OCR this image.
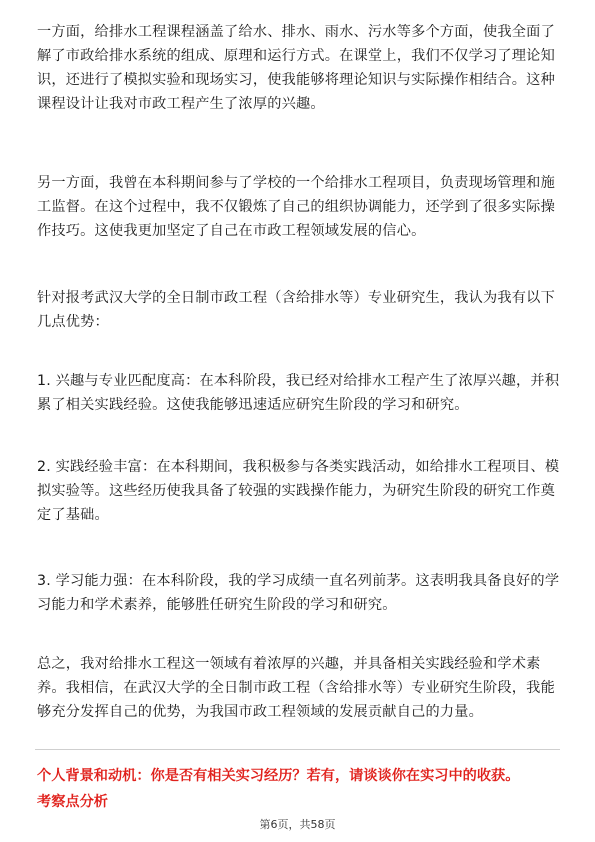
一方面，给排水工程课程涵盖了给水、排水、雨水、污水等多个方面，使我全面了
解了市政给排水系统的组成、原理和运行方式。在课堂上，我们不仅学习了理论知
识，还进行了模拟实验和现场实习，使我能够将理论知识与实际操作相结合。这种
课程设计让我对市政工程产生了浓厚的兴趣。
另一方面，我曾在本科期间参与了学校的一个给排水工程项目，负责现场管理和施
工监督。在这个过程中，我不仅锻炼了自己的组织协调能力，还学到了很多实际操
作技巧。这使我更加坚定了自己在市政工程领域发展的信心。
针对报考武汉大学的全日制市政工程（含给排水等）专业研究生，我认为我有以下
几点优势：
1. 兴趣与专业匹配度高：在本科阶段，我已经对给排水工程产生了浓厚兴趣，并积
累了相关实践经验。这使我能够迅速适应研究生阶段的学习和研究。
2. 实践经验丰富：在本科期间，我积极参与各类实践活动，如给排水工程项目、模
拟实验等。这些经历使我具备了较强的实践操作能力，为研究生阶段的研究工作奠
定了基础。
3. 学习能力强：在本科阶段，我的学习成绩一直名列前茅。这表明我具备良好的学
习能力和学术素养，能够胜任研究生阶段的学习和研究。
总之，我对给排水工程这一领域有着浓厚的兴趣，并具备相关实践经验和学术素
养。我相信，在武汉大学的全日制市政工程（含给排水等）专业研究生阶段，我能
够充分发挥自己的优势，为我国市政工程领域的发展贡献自己的力量。

个人背景和动机：你是否有相关实习经历？若有，请谈谈你在实习中的收获。

考察点分析

第6页，共58页
